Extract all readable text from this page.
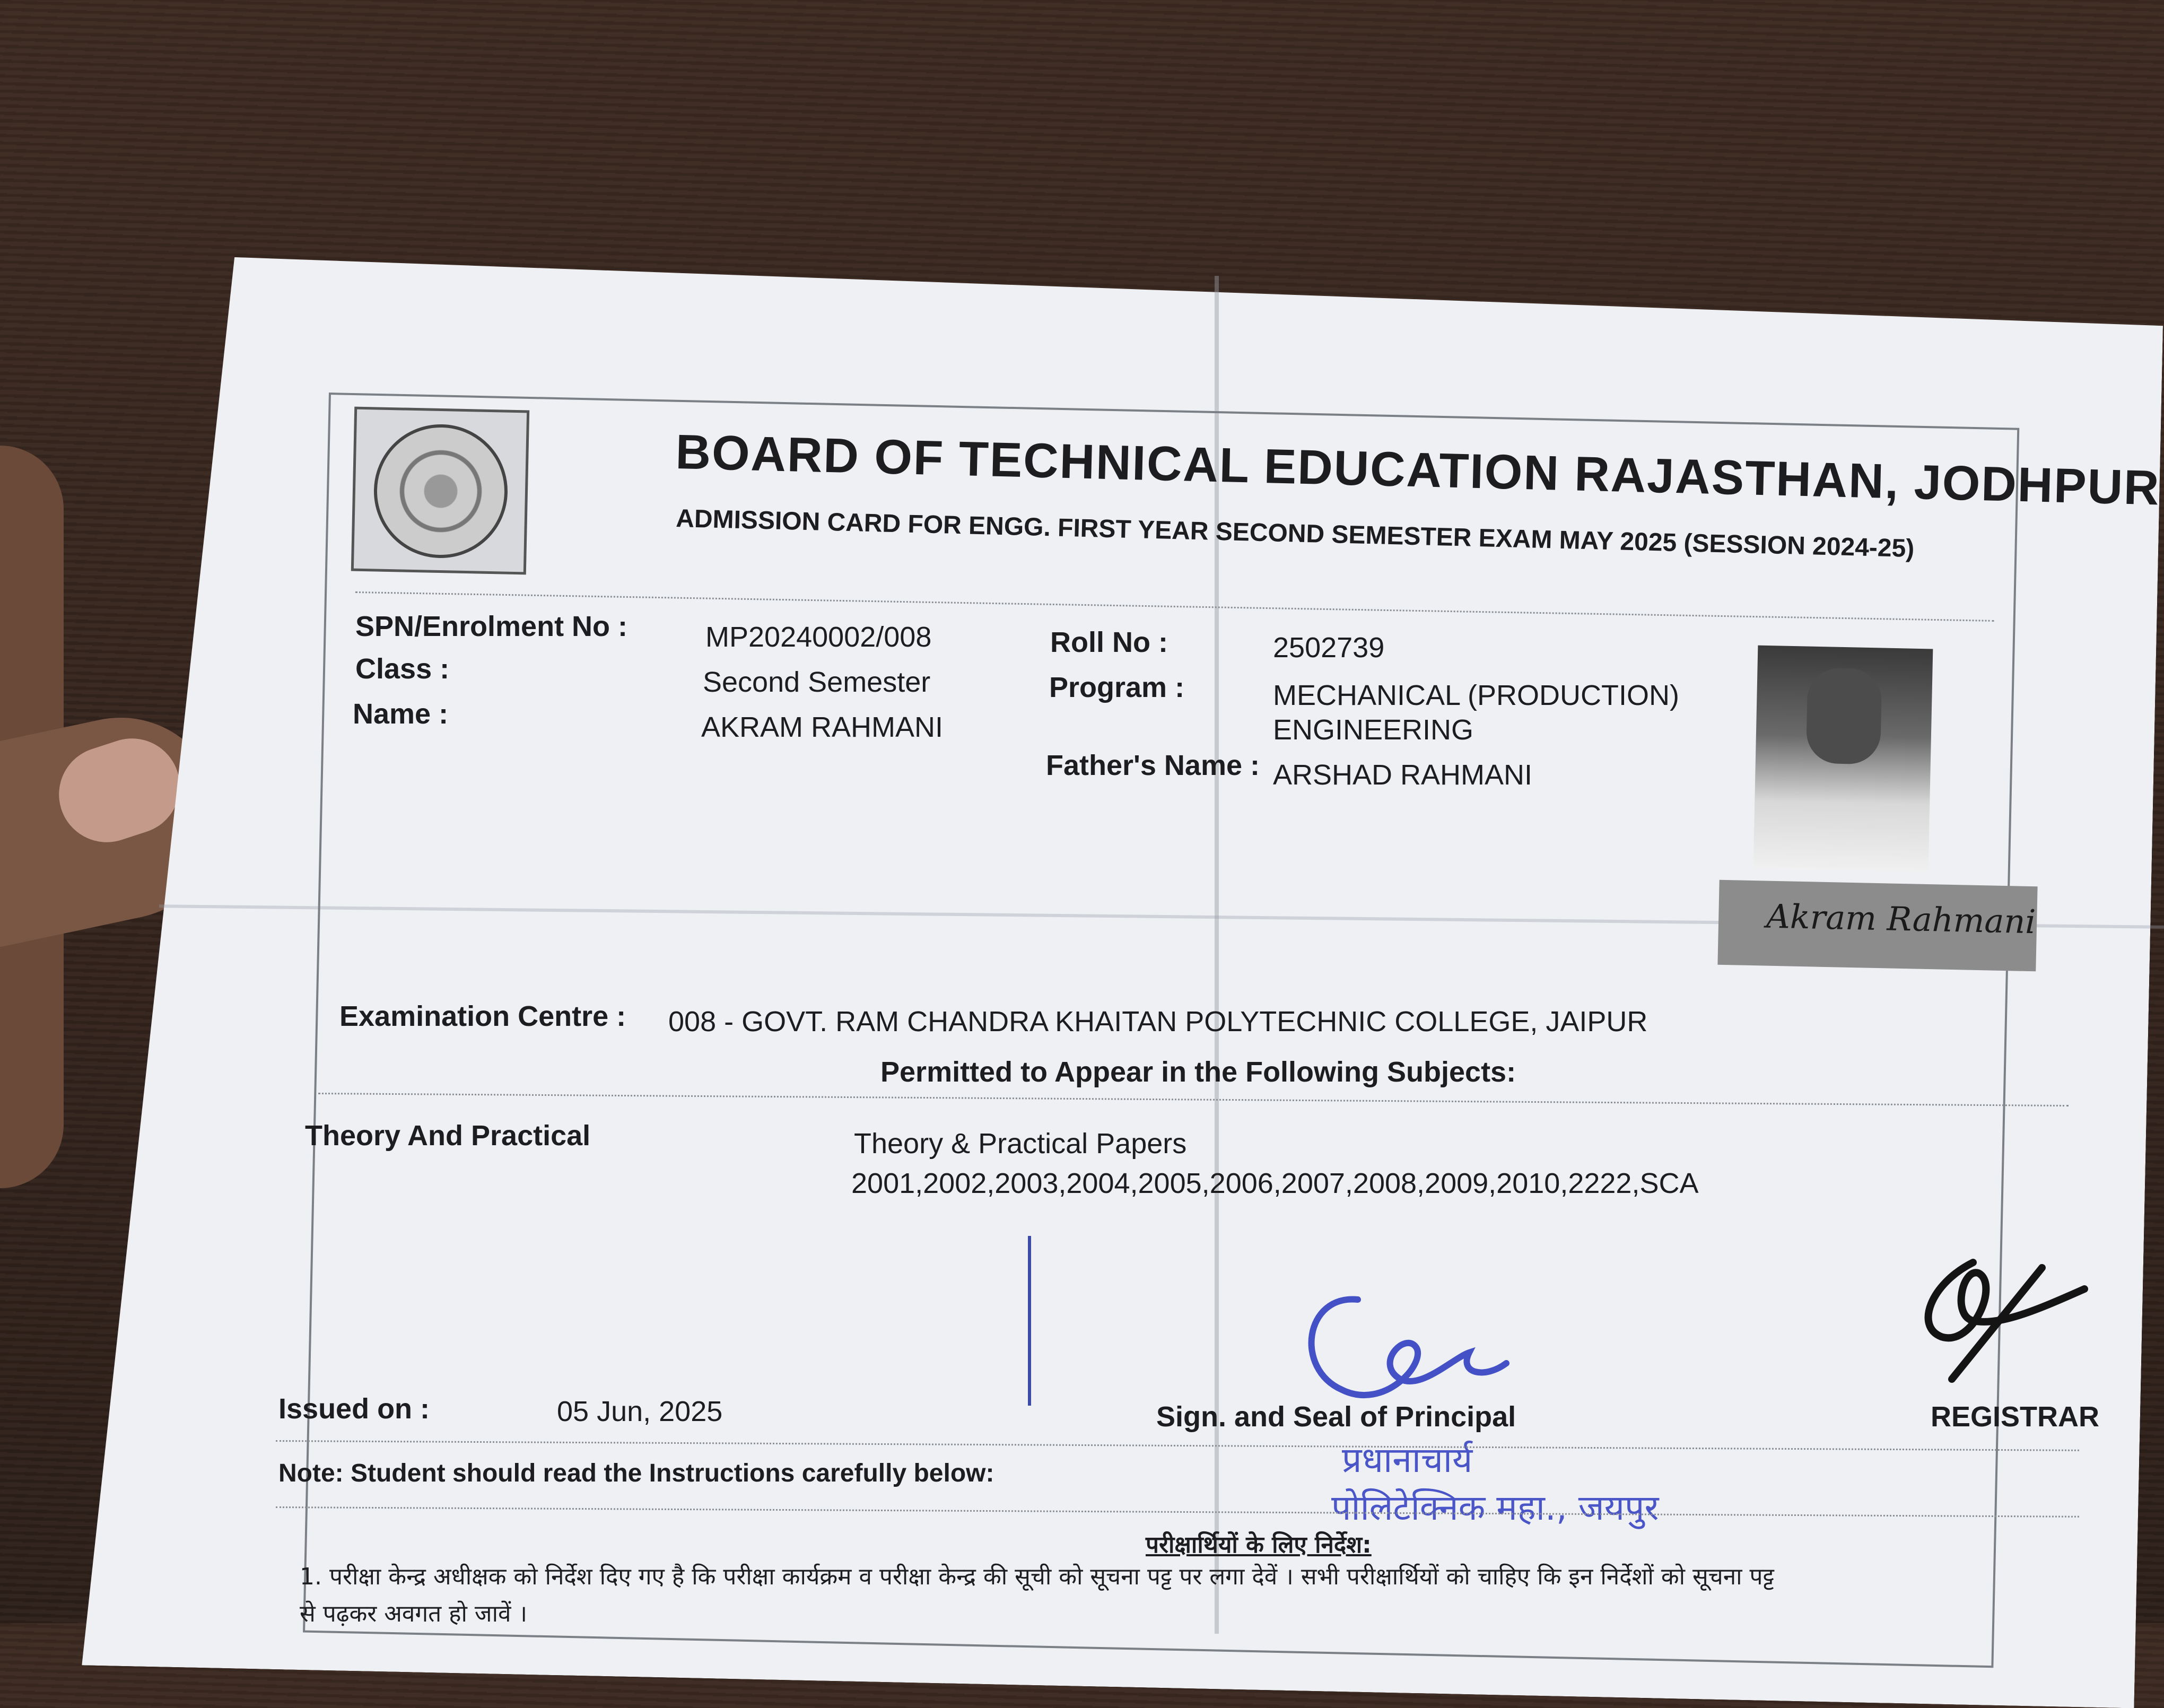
BOARD OF TECHNICAL EDUCATION RAJASTHAN, JODHPUR
ADMISSION CARD FOR ENGG. FIRST YEAR SECOND SEMESTER EXAM MAY 2025 (SESSION 2024-25)
SPN/Enrolment No :	MP20240002/008
Class :	Second Semester
Name :	AKRAM RAHMANI
Roll No :	2502739
Program :	MECHANICAL (PRODUCTION)
ENGINEERING
Father's Name : ARSHAD RAHMANI
Akram Rahmani
Examination Centre : 008 - GOVT. RAM CHANDRA KHAITAN POLYTECHNIC COLLEGE, JAIPUR
Permitted to Appear in the Following Subjects:
Theory And Practical	Theory & Practical Papers
2001,2002,2003,2004,2005,2006,2007,2008,2009,2010,2222,SCA
Issued on :	05 Jun, 2025	Sign. and Seal of Principal	REGISTRAR
प्रधानाचार्य
पोलिटेक्निक महा., जयपुर
Note: Student should read the Instructions carefully below:
परीक्षार्थियों के लिए निर्देश:
1. परीक्षा केन्द्र अधीक्षक को निर्देश दिए गए है कि परीक्षा कार्यक्रम व परीक्षा केन्द्र की सूची को सूचना पट्ट पर लगा देवें । सभी परीक्षार्थियों को चाहिए कि इन निर्देशों को सूचना पट्ट
से पढ़कर अवगत हो जावें ।
